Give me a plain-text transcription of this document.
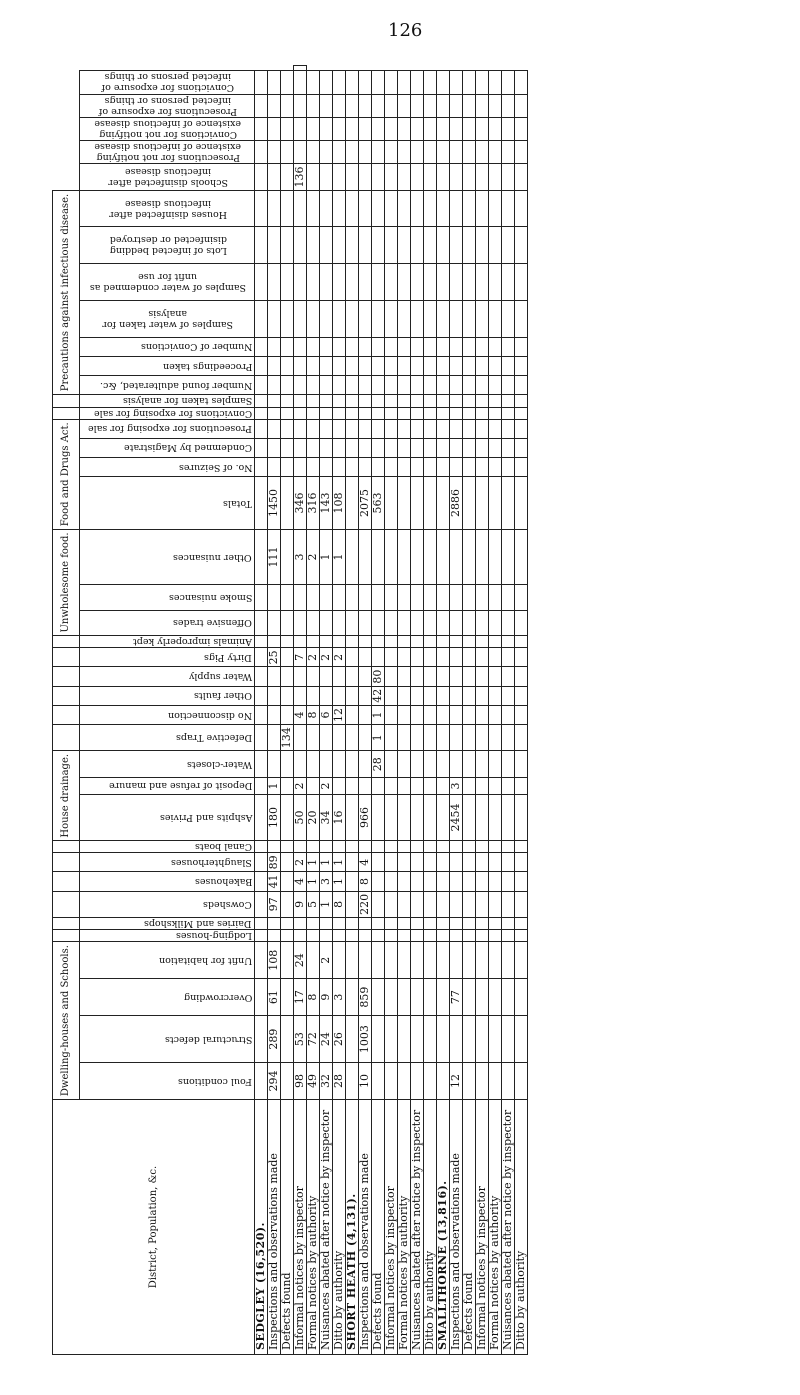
126
District, Population, &c.	Dwelling-houses and Schools.										House drainage.									Unwholesome food.			Food and Drugs Act.						Precautions against infectious disease.												

	Foul conditions	Structural defects	Overcrowding	Unfit for habitation	Lodging-houses	Dairies and Milkshops	Cowsheds	Bakehouses	Slaughterhouses	Canal boats	Ashpits and Privies	Deposit of refuse and manure	Water-closets	Defective Traps	No disconnection	Other faults	Water supply	Dirty Pigs	Animals improperly kept	Offensive trades	Smoke nuisances	Other nuisances	Totals	No. of Seizures	Condemned by Magistrate	Prosecutions for exposing for sale	Convictions for exposing for sale	Samples taken for analysis	Number found adulterated, &c.	Proceedings taken	Number of Convictions	Samples of water taken for analysis	Samples of water condemned as unfit for use	Lots of infected bedding disinfected or destroyed	Houses disinfected after infectious disease	Schools disinfected after infectious disease	Prosecutions for not notifying existence of infectious disease	Convictions for not notifying existence of infectious disease	Prosecutions for exposure of infected persons or things	Convictions for exposure of infected persons or things	

SEDGLEY (16,520).																																									
Inspections and observations made	294	289	61	108			97	41	89		180	1						25				111	1450																		
Defects found														134																											
Informal notices by inspector	98	53	17	24			9	4	2		50	2			4			7				3	346													136					
Formal notices by authority	49	72	8				5	1	1		20				8			2				2	316																		
Nuisances abated after notice by inspector	32	24	9	2			1	3	1		34	2			6			2				1	143																		
Ditto by authority	28	26	3				8	1	1		16				12			2				1	108																		
SHORT HEATH (4,131).																																									
Inspections and observations made	10	1003	859				220	8	4		966												2075																		
Defects found													28	1	1	42	80						563																		
Informal notices by inspector																																									
Formal notices by authority																																									
Nuisances abated after notice by inspector																																									
Ditto by authority																																									
SMALLTHORNE (13,816).																																									
Inspections and observations made	12		77								2454	3											2886																		
Defects found																																									
Informal notices by inspector																																									
Formal notices by authority																																									
Nuisances abated after notice by inspector																																									
Ditto by authority																																									
